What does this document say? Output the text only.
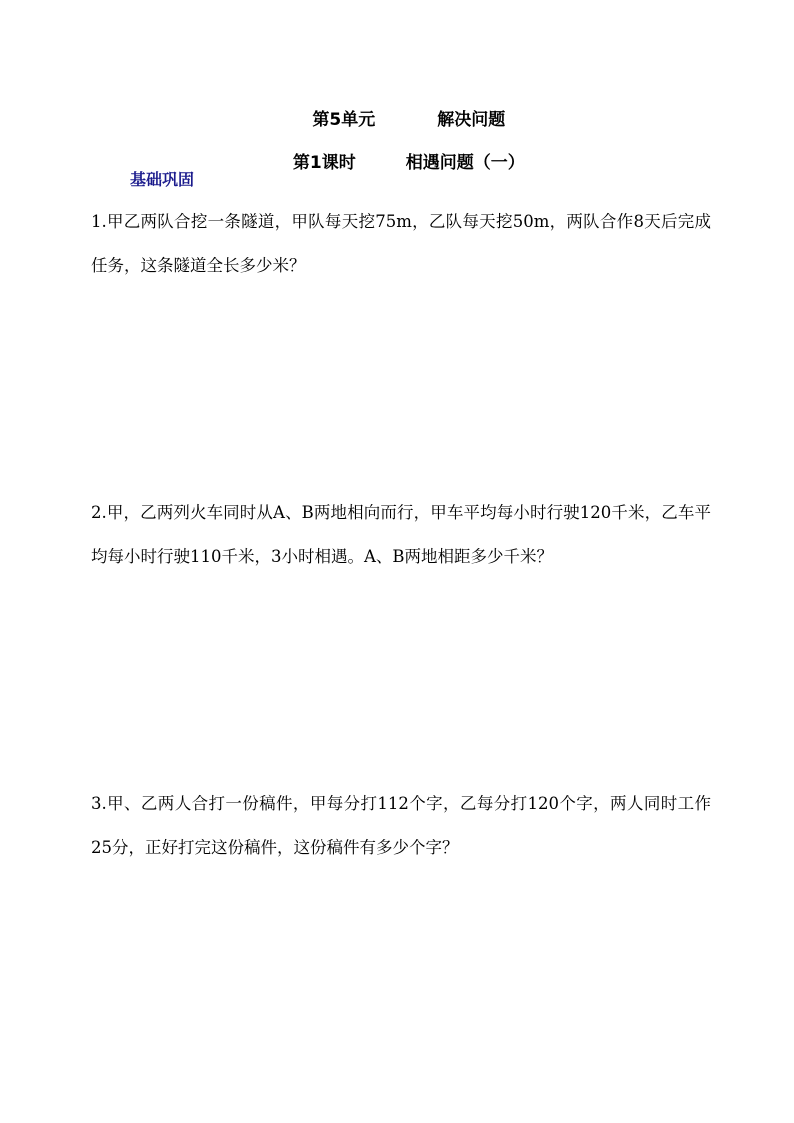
第5单元	解决问题

第1课时	相遇问题（一）

基础巩固
1.甲乙两队合挖一条隧道，甲队每天挖75m，乙队每天挖50m，两队合作8天后完成任务，这条隧道全长多少米？
2.甲，乙两列火车同时从A、B两地相向而行，甲车平均每小时行驶120千米，乙车平均每小时行驶110千米，3小时相遇。A、B两地相距多少千米？
3.甲、乙两人合打一份稿件，甲每分打112个字，乙每分打120个字，两人同时工作25分，正好打完这份稿件，这份稿件有多少个字？
